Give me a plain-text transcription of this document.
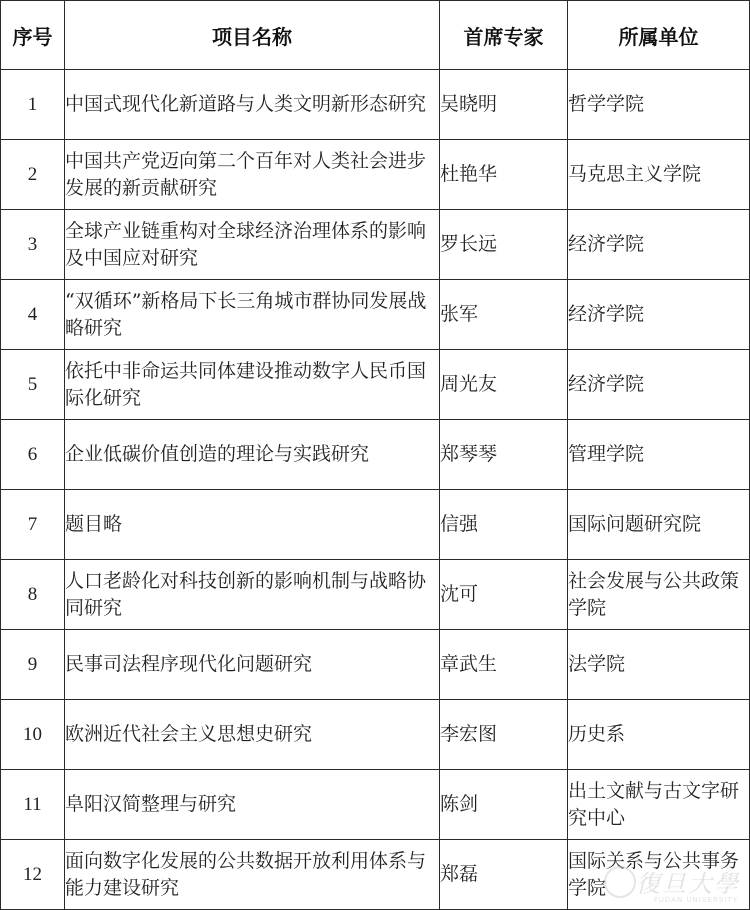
序号	项目名称	首席专家	所属单位
1	中国式现代化新道路与人类文明新形态研究	吴晓明	哲学学院
2	中国共产党迈向第二个百年对人类社会进步发展的新贡献研究	杜艳华	马克思主义学院
3	全球产业链重构对全球经济治理体系的影响及中国应对研究	罗长远	经济学院
4	“双循环”新格局下长三角城市群协同发展战略研究	张军	经济学院
5	依托中非命运共同体建设推动数字人民币国际化研究	周光友	经济学院
6	企业低碳价值创造的理论与实践研究	郑琴琴	管理学院
7	题目略	信强	国际问题研究院
8	人口老龄化对科技创新的影响机制与战略协同研究	沈可	社会发展与公共政策学院
9	民事司法程序现代化问题研究	章武生	法学院
10	欧洲近代社会主义思想史研究	李宏图	历史系
11	阜阳汉简整理与研究	陈剑	出土文献与古文字研究中心
12	面向数字化发展的公共数据开放利用体系与能力建设研究	郑磊	国际关系与公共事务学院 復旦大學
FUDAN UNIVERSITY
